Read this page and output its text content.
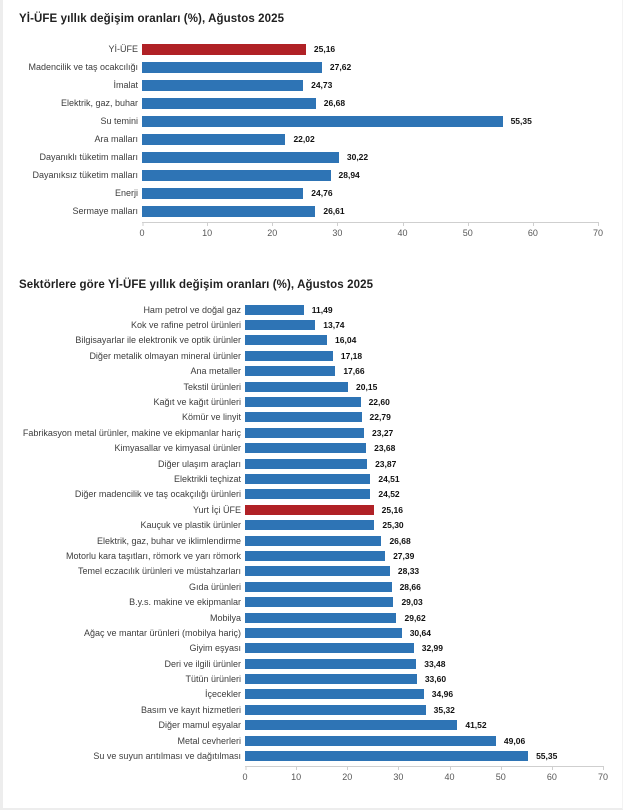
Yİ-ÜFE yıllık değişim oranları (%), Ağustos 2025
Yİ-ÜFE	25,16
Madencilik ve taş ocakcılığı	27,62
İmalat	24,73
Elektrik, gaz, buhar	26,68
Su temini	55,35
Ara malları	22,02
Dayanıklı tüketim malları	30,22
Dayanıksız tüketim malları	28,94
Enerji	24,76
Sermaye malları	26,61
0	10	20	30	40	50	60	70
Sektörlere göre Yİ-ÜFE yıllık değişim oranları (%), Ağustos 2025
Ham petrol ve doğal gaz	11,49
Kok ve rafine petrol ürünleri	13,74
Bilgisayarlar ile elektronik ve optik ürünler	16,04
Diğer metalik olmayan mineral ürünler	17,18
Ana metaller	17,66
Tekstil ürünleri	20,15
Kağıt ve kağıt ürünleri	22,60
Kömür ve linyit	22,79
Fabrikasyon metal ürünler, makine ve ekipmanlar hariç	23,27
Kimyasallar ve kimyasal ürünler	23,68
Diğer ulaşım araçları	23,87
Elektrikli teçhizat	24,51
Diğer madencilik ve taş ocakçılığı ürünleri	24,52
Yurt İçi ÜFE	25,16
Kauçuk ve plastik ürünler	25,30
Elektrik, gaz, buhar ve iklimlendirme	26,68
Motorlu kara taşıtları, römork ve yarı römork	27,39
Temel eczacılık ürünleri ve müstahzarları	28,33
Gıda ürünleri	28,66
B.y.s. makine ve ekipmanlar	29,03
Mobilya	29,62
Ağaç ve mantar ürünleri (mobilya hariç)	30,64
Giyim eşyası	32,99
Deri ve ilgili ürünler	33,48
Tütün ürünleri	33,60
İçecekler	34,96
Basım ve kayıt hizmetleri	35,32
Diğer mamul eşyalar	41,52
Metal cevherleri	49,06
Su ve suyun arıtılması ve dağıtılması	55,35
0	10	20	30	40	50	60	70
